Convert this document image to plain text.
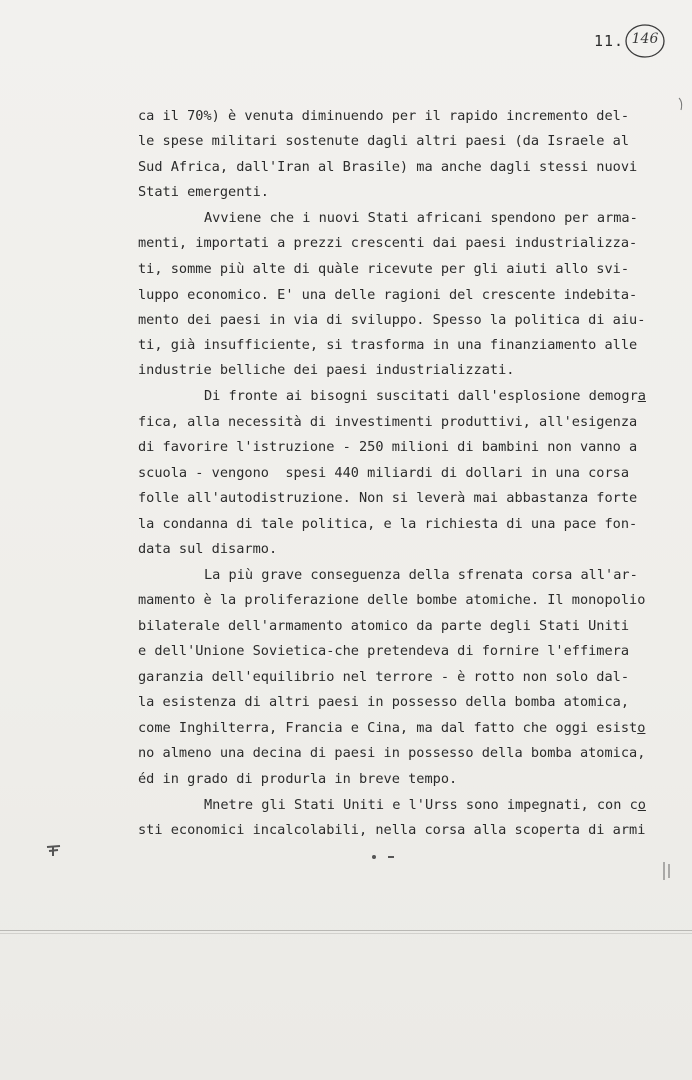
11. 146
ca il 70%) è venuta diminuendo per il rapido incremento del-
le spese militari sostenute dagli altri paesi (da Israele al
Sud Africa, dall'Iran al Brasile) ma anche dagli stessi nuovi
Stati emergenti.
Avviene che i nuovi Stati africani spendono per arma-
menti, importati a prezzi crescenti dai paesi industrializza-
ti, somme più alte di quàle ricevute per gli aiuti allo svi-
luppo economico. E' una delle ragioni del crescente indebita-
mento dei paesi in via di sviluppo. Spesso la politica di aiu-
ti, già insufficiente, si trasforma in una finanziamento alle
industrie belliche dei paesi industrializzati.
Di fronte ai bisogni suscitati dall'esplosione demogra
fica, alla necessità di investimenti produttivi, all'esigenza
di favorire l'istruzione - 250 milioni di bambini non vanno a
scuola - vengono  spesi 440 miliardi di dollari in una corsa
folle all'autodistruzione. Non si leverà mai abbastanza forte
la condanna di tale politica, e la richiesta di una pace fon-
data sul disarmo.
La più grave conseguenza della sfrenata corsa all'ar-
mamento è la proliferazione delle bombe atomiche. Il monopolio
bilaterale dell'armamento atomico da parte degli Stati Uniti
e dell'Unione Sovietica-che pretendeva di fornire l'effimera
garanzia dell'equilibrio nel terrore - è rotto non solo dal-
la esistenza di altri paesi in possesso della bomba atomica,
come Inghilterra, Francia e Cina, ma dal fatto che oggi esisto
no almeno una decina di paesi in possesso della bomba atomica,
éd in grado di produrla in breve tempo.
Mnetre gli Stati Uniti e l'Urss sono impegnati, con co
sti economici incalcolabili, nella corsa alla scoperta di armi
